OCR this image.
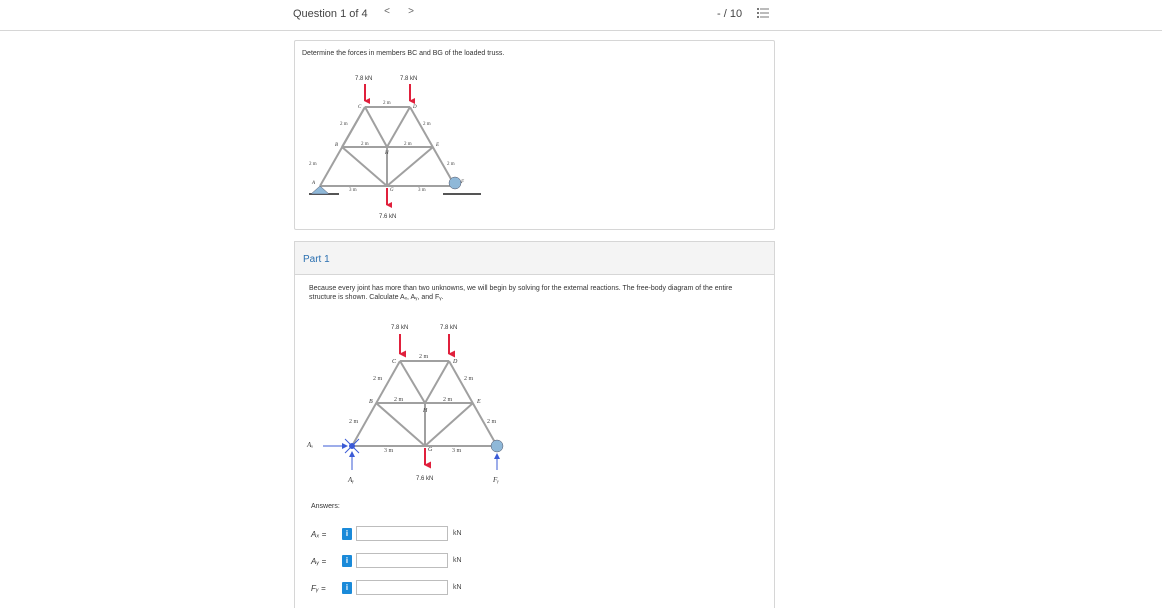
Question 1 of 4 < >	- / 10
Determine the forces in members BC and BG of the loaded truss.
7.8 kN	7.8 kN
7.6 kN
2 m
2 m	2 m
2 m	2 m
2 m	2 m
3 m	3 m
A
B
C	D
E
F
G
H
Part 1
Because every joint has more than two unknowns, we will begin by solving for the external reactions. The free-body diagram of the entire structure is shown. Calculate Aₓ, Aᵧ, and Fᵧ.
7.8 kN	7.8 kN
7.6 kN
Aₓ
Aᵧ	Fᵧ
2 m
2 m	2 m
2 m	2 m
2 m	2 m
3 m	3 m
B
C	D
E
G
H
Answers:
Aₓ =	i	kN
Aᵧ =	i	kN
Fᵧ =	i	kN
